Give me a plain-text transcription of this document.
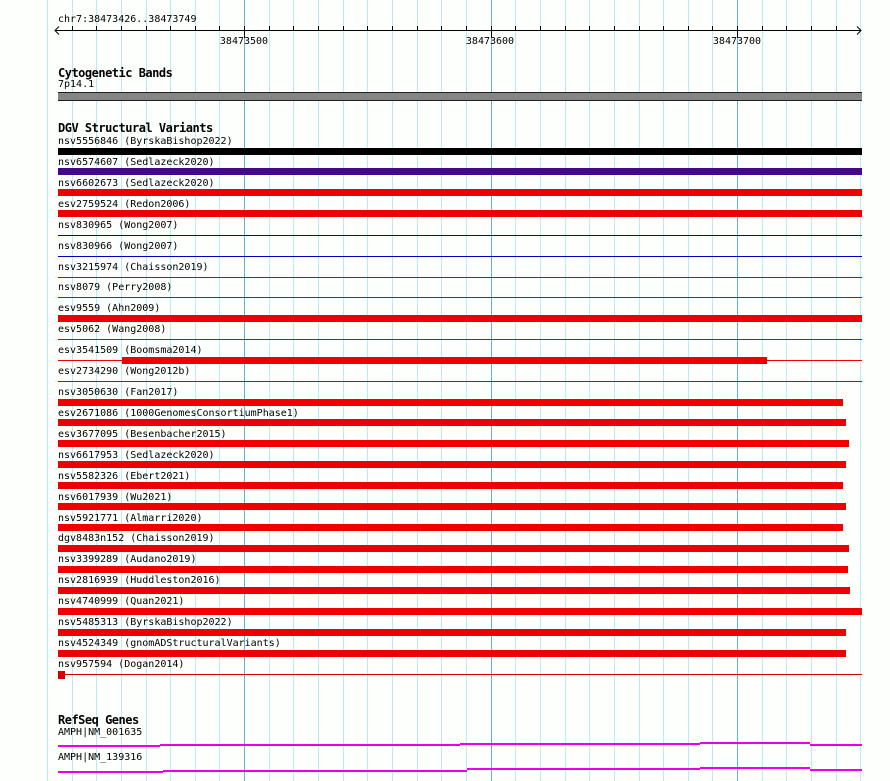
chr7:38473426..38473749
38473500	38473600	38473700
Cytogenetic Bands
7p14.1
DGV Structural Variants
nsv5556846 (ByrskaBishop2022)
nsv6574607 (Sedlazeck2020)
nsv6602673 (Sedlazeck2020)
esv2759524 (Redon2006)
nsv830965 (Wong2007)
nsv830966 (Wong2007)
nsv3215974 (Chaisson2019)
nsv8079 (Perry2008)
esv9559 (Ahn2009)
esv5062 (Wang2008)
esv3541509 (Boomsma2014)
esv2734290 (Wong2012b)
nsv3050630 (Fan2017)
esv2671086 (1000GenomesConsortiumPhase1)
esv3677095 (Besenbacher2015)
nsv6617953 (Sedlazeck2020)
nsv5582326 (Ebert2021)
nsv6017939 (Wu2021)
nsv5921771 (Almarri2020)
dgv8483n152 (Chaisson2019)
nsv3399289 (Audano2019)
nsv2816939 (Huddleston2016)
nsv4740999 (Quan2021)
nsv5485313 (ByrskaBishop2022)
nsv4524349 (gnomADStructuralVariants)
nsv957594 (Dogan2014)
RefSeq Genes
AMPH|NM_001635
AMPH|NM_139316
